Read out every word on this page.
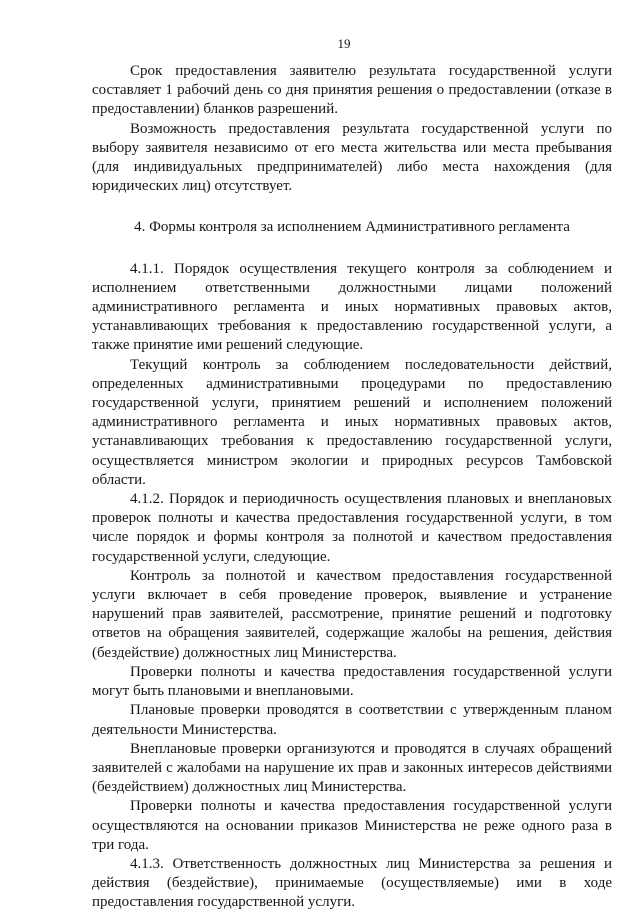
19

Срок предоставления заявителю результата государственной услуги составляет 1 рабочий день со дня принятия решения о предоставлении (отказе в предоставлении) бланков разрешений.

Возможность предоставления результата государственной услуги по выбору заявителя независимо от его места жительства или места пребывания (для индивидуальных предпринимателей) либо места нахождения (для юридических лиц) отсутствует.

4. Формы контроля за исполнением Административного регламента

4.1.1. Порядок осуществления текущего контроля за соблюдением и исполнением ответственными должностными лицами положений административного регламента и иных нормативных правовых актов, устанавливающих требования к предоставлению государственной услуги, а также принятие ими решений следующие.

Текущий контроль за соблюдением последовательности действий, определенных административными процедурами по предоставлению государственной услуги, принятием решений и исполнением положений административного регламента и иных нормативных правовых актов, устанавливающих требования к предоставлению государственной услуги, осуществляется министром экологии и природных ресурсов Тамбовской области.

4.1.2. Порядок и периодичность осуществления плановых и внеплановых проверок полноты и качества предоставления государственной услуги, в том числе порядок и формы контроля за полнотой и качеством предоставления государственной услуги, следующие.

Контроль за полнотой и качеством предоставления государственной услуги включает в себя проведение проверок, выявление и устранение нарушений прав заявителей, рассмотрение, принятие решений и подготовку ответов на обращения заявителей, содержащие жалобы на решения, действия (бездействие) должностных лиц Министерства.

Проверки полноты и качества предоставления государственной услуги могут быть плановыми и внеплановыми.

Плановые проверки проводятся в соответствии с утвержденным планом деятельности Министерства.

Внеплановые проверки организуются и проводятся в случаях обращений заявителей с жалобами на нарушение их прав и законных интересов действиями (бездействием) должностных лиц Министерства.

Проверки полноты и качества предоставления государственной услуги осуществляются на основании приказов Министерства не реже одного раза в три года.

4.1.3. Ответственность должностных лиц Министерства за решения и действия (бездействие), принимаемые (осуществляемые) ими в ходе предоставления государственной услуги.
